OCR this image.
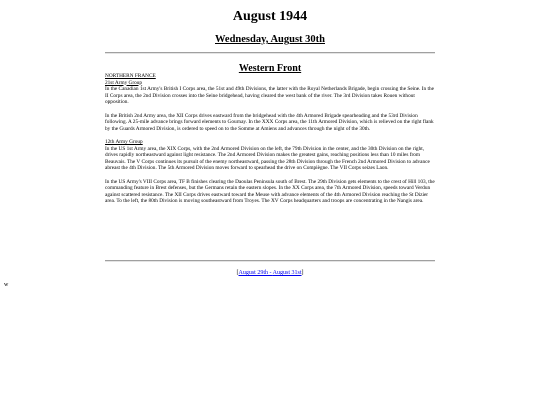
August 1944
Wednesday, August 30th
Western Front
NORTHERN FRANCE
21st Army Group

In the Canadian 1st Army's British I Corps area, the 51st and 49th Divisions, the latter with the Royal Netherlands Brigade, begin crossing the Seine. In the II Corps area, the 2nd Division crosses into the Seine bridgehead, having cleared the west bank of the river. The 3rd Division takes Rouen without opposition.

In the British 2nd Army area, the XII Corps drives eastward from the bridgehead with the 4th Armored Brigade spearheading and the 53rd Division following. A 25-mile advance brings forward elements to Gournay. In the XXX Corps area, the 11th Armored Division, which is relieved on the right flank by the Guards Armored Division, is ordered to speed on to the Somme at Amiens and advances through the night of the 30th.

12th Army Group

In the US 1st Army area, the XIX Corps, with the 2nd Armored Division on the left, the 79th Division in the center, and the 30th Division on the right, drives rapidly northeastward against light resistance. The 2nd Armored Division makes the greatest gains, reaching positions less than 10 miles from Beauvais. The V Corps continues its pursuit of the enemy northeastward, passing the 28th Division through the French 2nd Armored Division to advance abreast the 4th Division. The 5th Armored Division moves forward to spearhead the drive on Compiègne. The VII Corps seizes Laon.

In the US Army's VIII Corps area, TF B finishes clearing the Daoulas Peninsula south of Brest. The 29th Division gets elements to the crest of Hill 103, the commanding feature in Brest defenses, but the Germans retain the eastern slopes. In the XX Corps area, the 7th Armored Division, speeds toward Verdun against scattered resistance. The XII Corps drives eastward toward the Meuse with advance elements of the 4th Armored Division reaching the St Dizier area. To the left, the 80th Division is moving southeastward from Troyes. The XV Corps headquarters and troops are concentrating in the Nangis area.

[August 29th - August 31st]
w
